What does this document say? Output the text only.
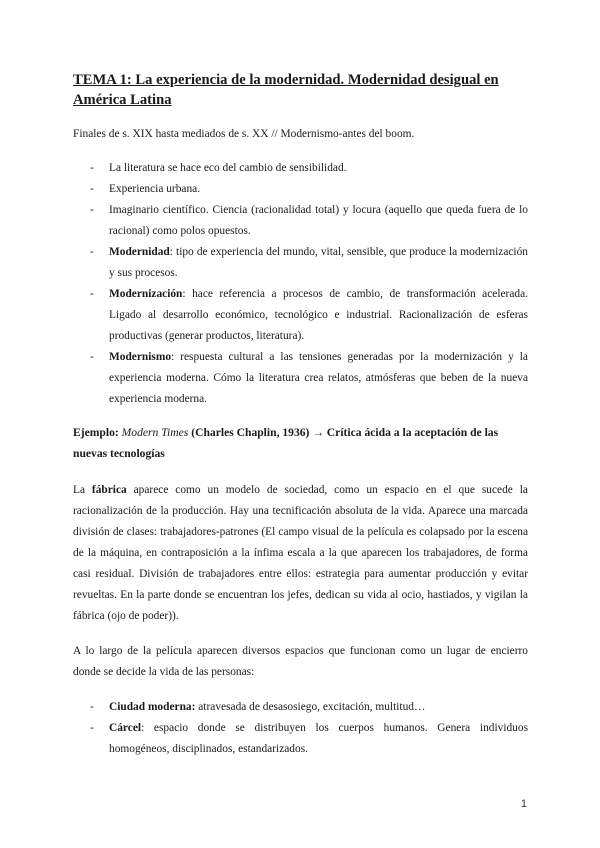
TEMA 1: La experiencia de la modernidad. Modernidad desigual en América Latina

Finales de s. XIX hasta mediados de s. XX // Modernismo-antes del boom.

- La literatura se hace eco del cambio de sensibilidad.
- Experiencia urbana.
- Imaginario científico. Ciencia (racionalidad total) y locura (aquello que queda fuera de lo racional) como polos opuestos.
- Modernidad: tipo de experiencia del mundo, vital, sensible, que produce la modernización y sus procesos.
- Modernización: hace referencia a procesos de cambio, de transformación acelerada. Ligado al desarrollo económico, tecnológico e industrial. Racionalización de esferas productivas (generar productos, literatura).
- Modernismo: respuesta cultural a las tensiones generadas por la modernización y la experiencia moderna. Cómo la literatura crea relatos, atmósferas que beben de la nueva experiencia moderna.

Ejemplo: Modern Times (Charles Chaplin, 1936) → Crítica ácida a la aceptación de las nuevas tecnologías

La fábrica aparece como un modelo de sociedad, como un espacio en el que sucede la racionalización de la producción. Hay una tecnificación absoluta de la vida. Aparece una marcada división de clases: trabajadores-patrones (El campo visual de la película es colapsado por la escena de la máquina, en contraposición a la ínfima escala a la que aparecen los trabajadores, de forma casi residual. División de trabajadores entre ellos: estrategia para aumentar producción y evitar revueltas. En la parte donde se encuentran los jefes, dedican su vida al ocio, hastiados, y vigilan la fábrica (ojo de poder)).

A lo largo de la película aparecen diversos espacios que funcionan como un lugar de encierro donde se decide la vida de las personas:

- Ciudad moderna: atravesada de desasosiego, excitación, multitud…
- Cárcel: espacio donde se distribuyen los cuerpos humanos. Genera individuos homogéneos, disciplinados, estandarizados.
1
